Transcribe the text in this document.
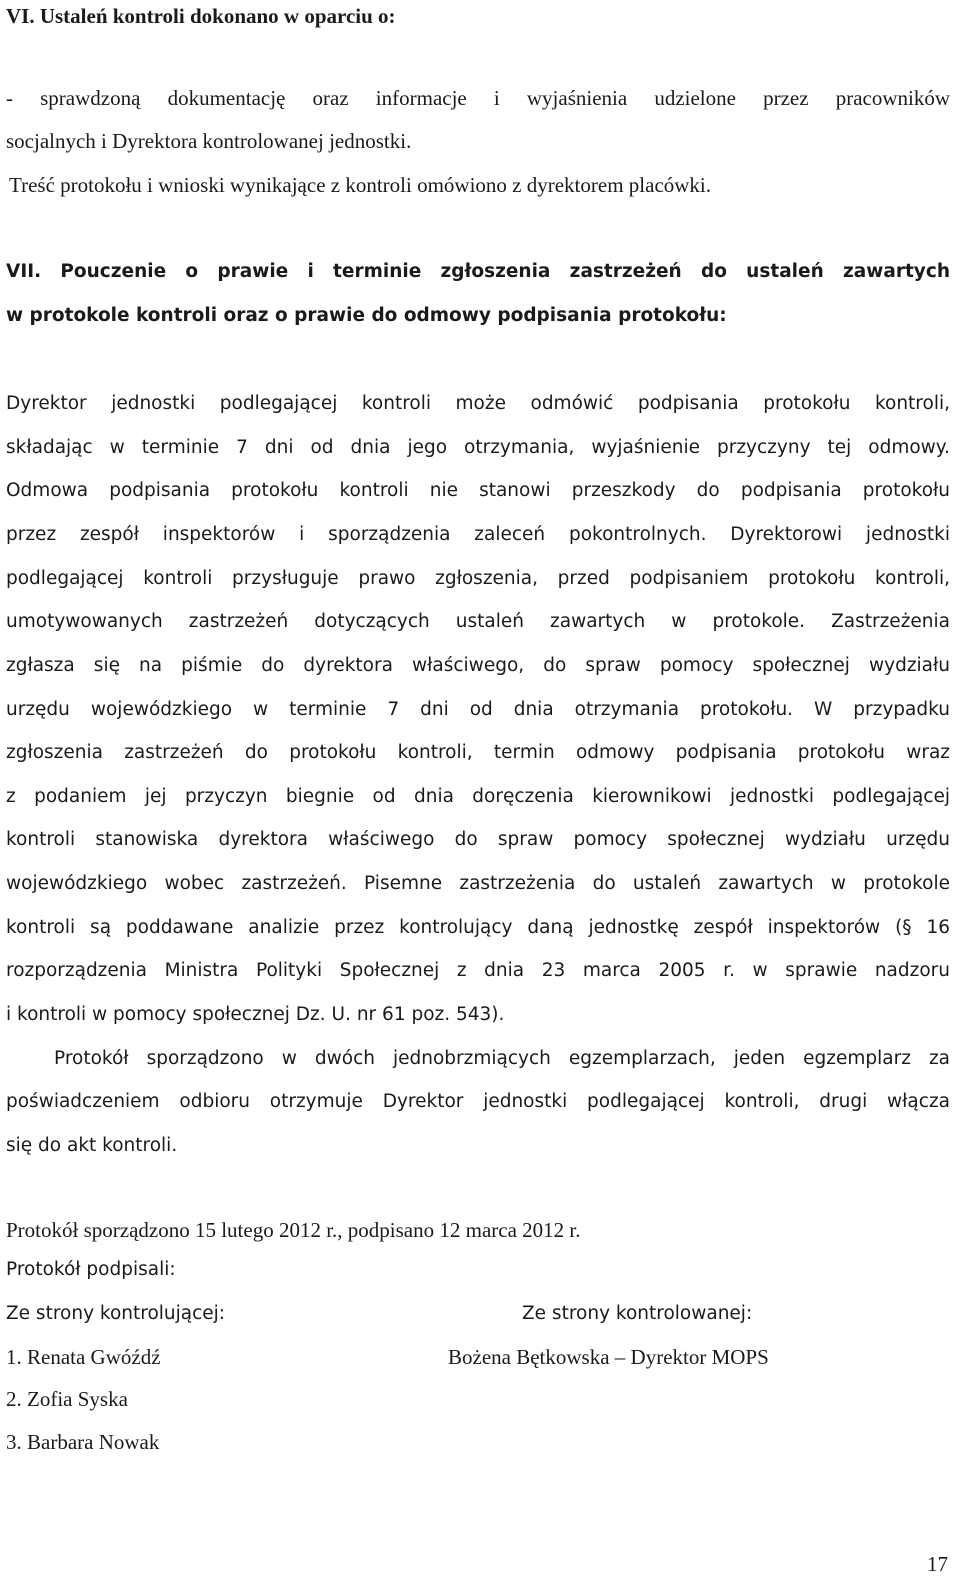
VI. Ustaleń kontroli dokonano w oparciu o:
- sprawdzoną dokumentację oraz informacje i wyjaśnienia udzielone przez pracowników
socjalnych i Dyrektora kontrolowanej jednostki.
Treść protokołu i wnioski wynikające z kontroli omówiono z dyrektorem placówki.
VII. Pouczenie o prawie i terminie zgłoszenia zastrzeżeń do ustaleń zawartych
w protokole kontroli oraz o prawie do odmowy podpisania protokołu:
Dyrektor jednostki podlegającej kontroli może odmówić podpisania protokołu kontroli,
składając w terminie 7 dni od dnia jego otrzymania, wyjaśnienie przyczyny tej odmowy.
Odmowa podpisania protokołu kontroli nie stanowi przeszkody do podpisania protokołu
przez zespół inspektorów i sporządzenia zaleceń pokontrolnych. Dyrektorowi jednostki
podlegającej kontroli przysługuje prawo zgłoszenia, przed podpisaniem protokołu kontroli,
umotywowanych zastrzeżeń dotyczących ustaleń zawartych w protokole. Zastrzeżenia
zgłasza się na piśmie do dyrektora właściwego, do spraw pomocy społecznej wydziału
urzędu wojewódzkiego w terminie 7 dni od dnia otrzymania protokołu. W przypadku
zgłoszenia zastrzeżeń do protokołu kontroli, termin odmowy podpisania protokołu wraz
z podaniem jej przyczyn biegnie od dnia doręczenia kierownikowi jednostki podlegającej
kontroli stanowiska dyrektora właściwego do spraw pomocy społecznej wydziału urzędu
wojewódzkiego wobec zastrzeżeń. Pisemne zastrzeżenia do ustaleń zawartych w protokole
kontroli są poddawane analizie przez kontrolujący daną jednostkę zespół inspektorów (§ 16
rozporządzenia Ministra Polityki Społecznej z dnia 23 marca 2005 r. w sprawie nadzoru
i kontroli w pomocy społecznej Dz. U. nr 61 poz. 543).
Protokół sporządzono w dwóch jednobrzmiących egzemplarzach, jeden egzemplarz za
poświadczeniem odbioru otrzymuje Dyrektor jednostki podlegającej kontroli, drugi włącza
się do akt kontroli.
Protokół sporządzono 15 lutego 2012 r., podpisano 12 marca 2012 r.
Protokół podpisali:
Ze strony kontrolującej:	Ze strony kontrolowanej:
1. Renata Gwóźdź	Bożena Bętkowska – Dyrektor MOPS
2. Zofia Syska
3. Barbara Nowak
17
